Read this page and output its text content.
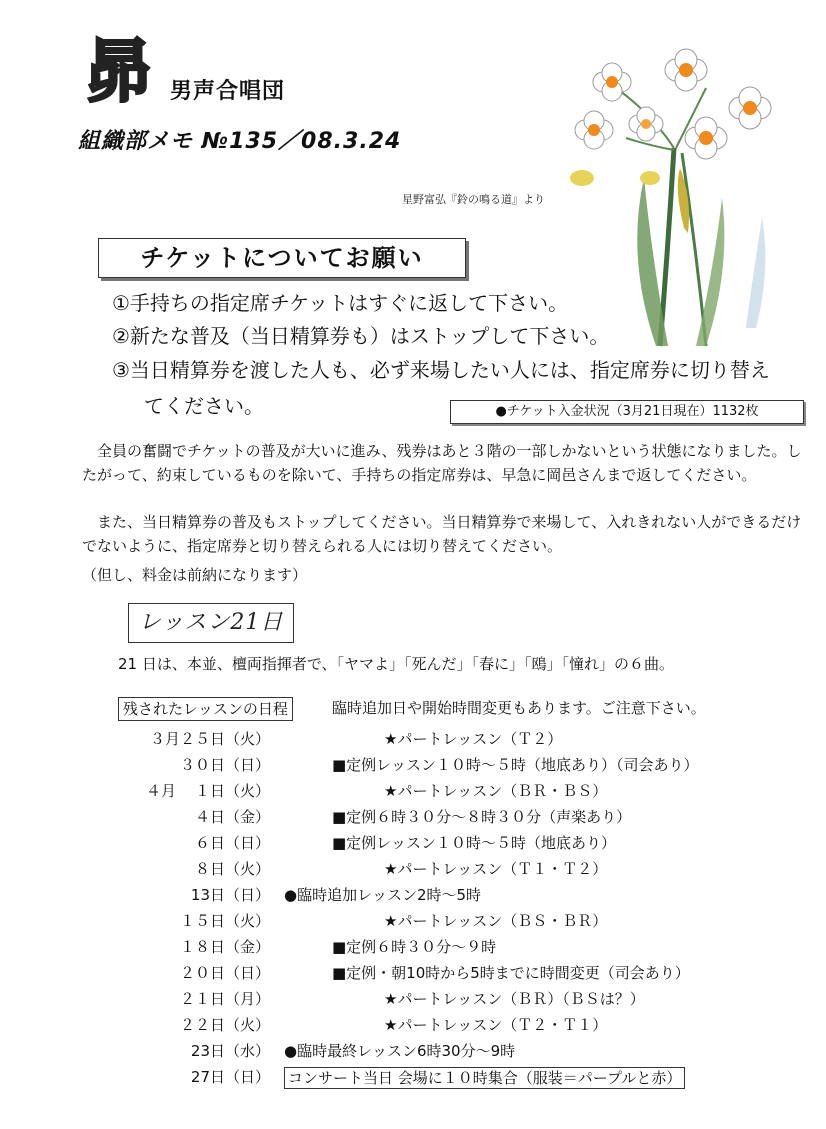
昴 男声合唱団
組織部メモ №135／08.3.24
星野富弘『鈴の鳴る道』より
チケットについてお願い
①手持ちの指定席チケットはすぐに返して下さい。
②新たな普及（当日精算券も）はストップして下さい。
③当日精算券を渡した人も、必ず来場したい人には、指定席券に切り替え
てください。	●チケット入金状況（3月21日現在）1132枚
全員の奮闘でチケットの普及が大いに進み、残券はあと３階の一部しかないという状態になりました。したがって、約束しているものを除いて、手持ちの指定席券は、早急に岡邑さんまで返してください。
また、当日精算券の普及もストップしてください。当日精算券で来場して、入れきれない人ができるだけでないように、指定席券と切り替えられる人には切り替えてください。
（但し、料金は前納になります）
レッスン21日
21 日は、本並、檀両指揮者で、「ヤマよ」「死んだ」「春に」「鴎」「憧れ」の６曲。
残されたレッスンの日程	臨時追加日や開始時間変更もあります。ご注意下さい。
３月２５日（火）	★パートレッスン（Ｔ２）
３０日（日）	■定例レッスン１０時～５時（地底あり）（司会あり）
４月 １日（火）	★パートレッスン（ＢＲ・ＢＳ）
４日（金）	■定例６時３０分～８時３０分（声楽あり）
６日（日）	■定例レッスン１０時～５時（地底あり）
８日（火）	★パートレッスン（Ｔ１・Ｔ２）
13日（日） ●臨時追加レッスン2時～5時
１５日（火）	★パートレッスン（ＢＳ・ＢＲ）
１８日（金）	■定例６時３０分～９時
２０日（日）	■定例・朝10時から5時までに時間変更（司会あり）
２１日（月）	★パートレッスン（ＢＲ）（ＢＳは？）
２２日（火）	★パートレッスン（Ｔ２・Ｔ１）
23日（水） ●臨時最終レッスン6時30分～9時
27日（日） コンサート当日 会場に１０時集合（服装＝パープルと赤）
